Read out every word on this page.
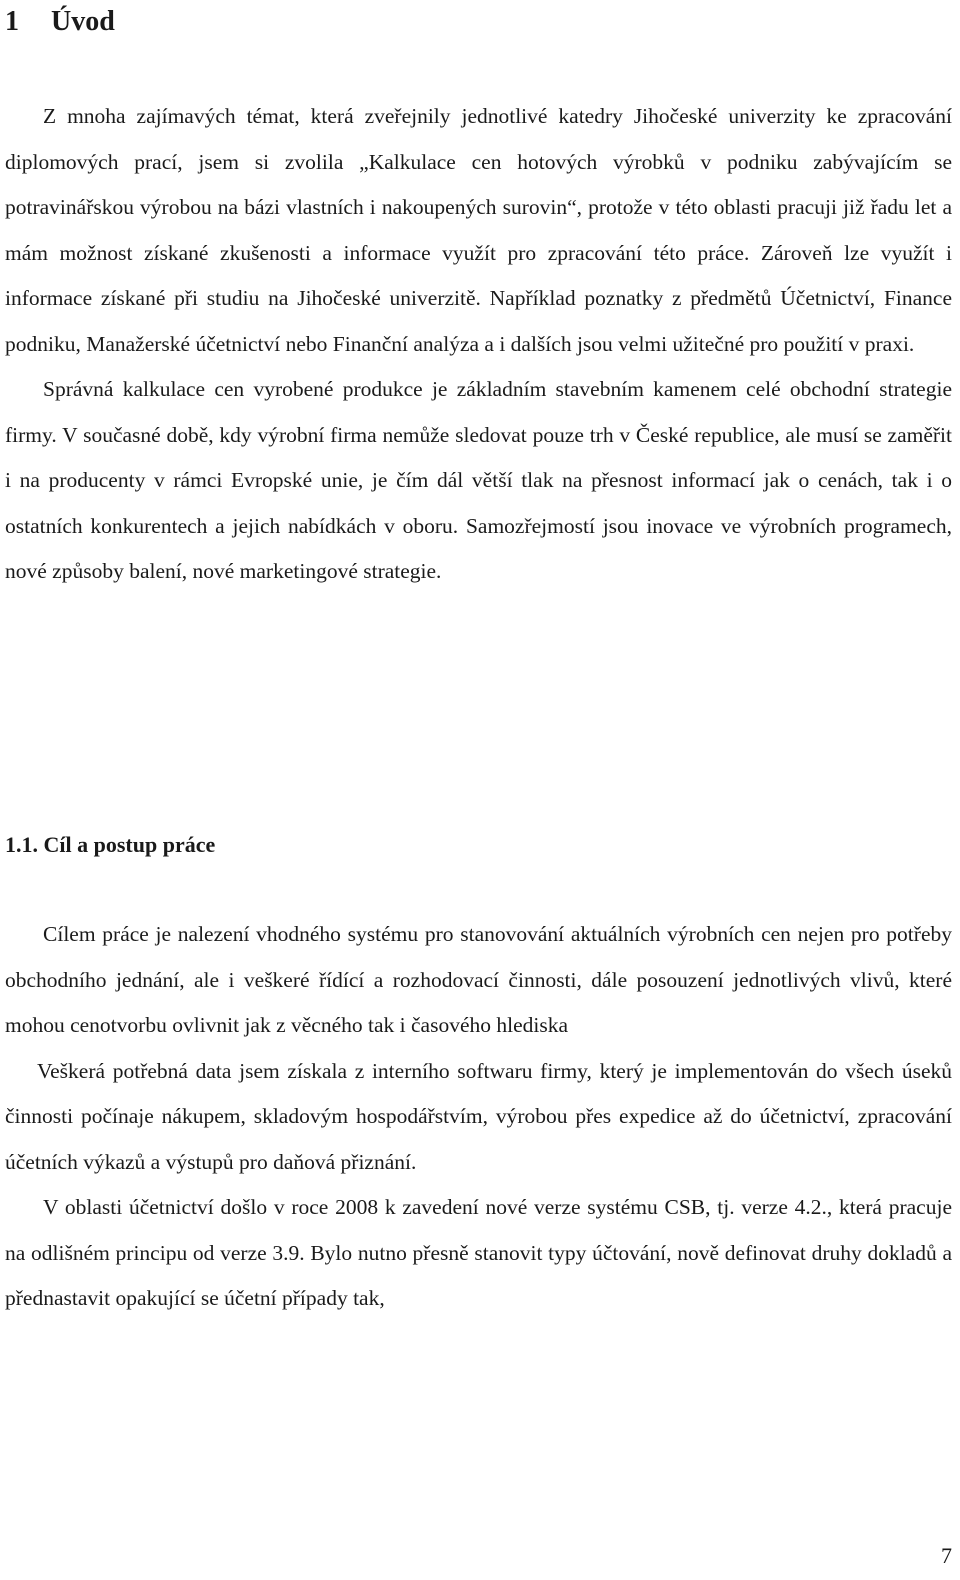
1 Úvod

Z mnoha zajímavých témat, která zveřejnily jednotlivé katedry Jihočeské univerzity ke zpracování diplomových prací, jsem si zvolila „Kalkulace cen hotových výrobků v podniku zabývajícím se potravinářskou výrobou na bázi vlastních i nakoupených surovin“, protože v této oblasti pracuji již řadu let a mám možnost získané zkušenosti a informace využít pro zpracování této práce. Zároveň lze využít i informace získané při studiu na Jihočeské univerzitě. Například poznatky z předmětů Účetnictví, Finance podniku, Manažerské účetnictví nebo Finanční analýza a i dalších jsou velmi užitečné pro použití v praxi.

Správná kalkulace cen vyrobené produkce je základním stavebním kamenem celé obchodní strategie firmy. V současné době, kdy výrobní firma nemůže sledovat pouze trh v České republice, ale musí se zaměřit i na producenty v rámci Evropské unie, je čím dál větší tlak na přesnost informací jak o cenách, tak i o ostatních konkurentech a jejich nabídkách v oboru. Samozřejmostí jsou inovace ve výrobních programech, nové způsoby balení, nové marketingové strategie.

1.1. Cíl a postup práce

Cílem práce je nalezení vhodného systému pro stanovování aktuálních výrobních cen nejen pro potřeby obchodního jednání, ale i veškeré řídící a rozhodovací činnosti, dále posouzení jednotlivých vlivů, které mohou cenotvorbu ovlivnit jak z věcného tak i časového hlediska

Veškerá potřebná data jsem získala z interního softwaru firmy, který je implementován do všech úseků činnosti počínaje nákupem, skladovým hospodářstvím, výrobou přes expedice až do účetnictví, zpracování účetních výkazů a výstupů pro daňová přiznání.

V oblasti účetnictví došlo v roce 2008 k zavedení nové verze systému CSB, tj. verze 4.2., která pracuje na odlišném principu od verze 3.9. Bylo nutno přesně stanovit typy účtování, nově definovat druhy dokladů a přednastavit opakující se účetní případy tak,

7
